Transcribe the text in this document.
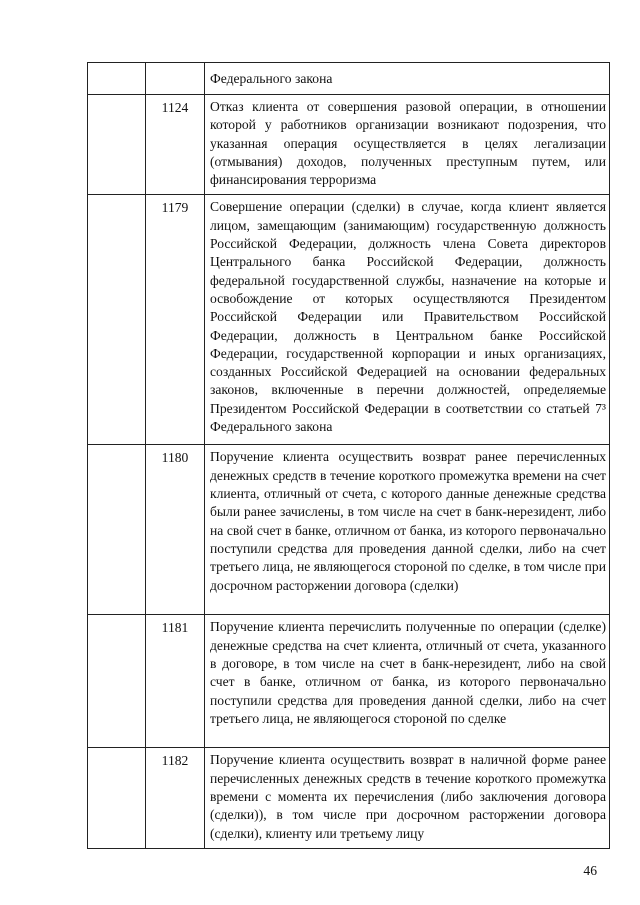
		Федерального закона
	1124	Отказ клиента от совершения разовой операции, в отношении которой у работников организации возникают подозрения, что указанная операция осуществляется в целях легализации (отмывания) доходов, полученных преступным путем, или финансирования терроризма
	1179	Совершение операции (сделки) в случае, когда клиент является лицом, замещающим (занимающим) государственную должность Российской Федерации, должность члена Совета директоров Центрального банка Российской Федерации, должность федеральной государственной службы, назначение на которые и освобождение от которых осуществляются Президентом Российской Федерации или Правительством Российской Федерации, должность в Центральном банке Российской Федерации, государственной корпорации и иных организациях, созданных Российской Федерацией на основании федеральных законов, включенные в перечни должностей, определяемые Президентом Российской Федерации в соответствии со статьей 7³ Федерального закона
	1180	Поручение клиента осуществить возврат ранее перечисленных денежных средств в течение короткого промежутка времени на счет клиента, отличный от счета, с которого данные денежные средства были ранее зачислены, в том числе на счет в банк-нерезидент, либо на свой счет в банке, отличном от банка, из которого первоначально поступили средства для проведения данной сделки, либо на счет третьего лица, не являющегося стороной по сделке, в том числе при досрочном расторжении договора (сделки)
	1181	Поручение клиента перечислить полученные по операции (сделке) денежные средства на счет клиента, отличный от счета, указанного в договоре, в том числе на счет в банк-нерезидент, либо на свой счет в банке, отличном от банка, из которого первоначально поступили средства для проведения данной сделки, либо на счет третьего лица, не являющегося стороной по сделке
	1182	Поручение клиента осуществить возврат в наличной форме ранее перечисленных денежных средств в течение короткого промежутка времени с момента их перечисления (либо заключения договора (сделки)), в том числе при досрочном расторжении договора (сделки), клиенту или третьему лицу
46
